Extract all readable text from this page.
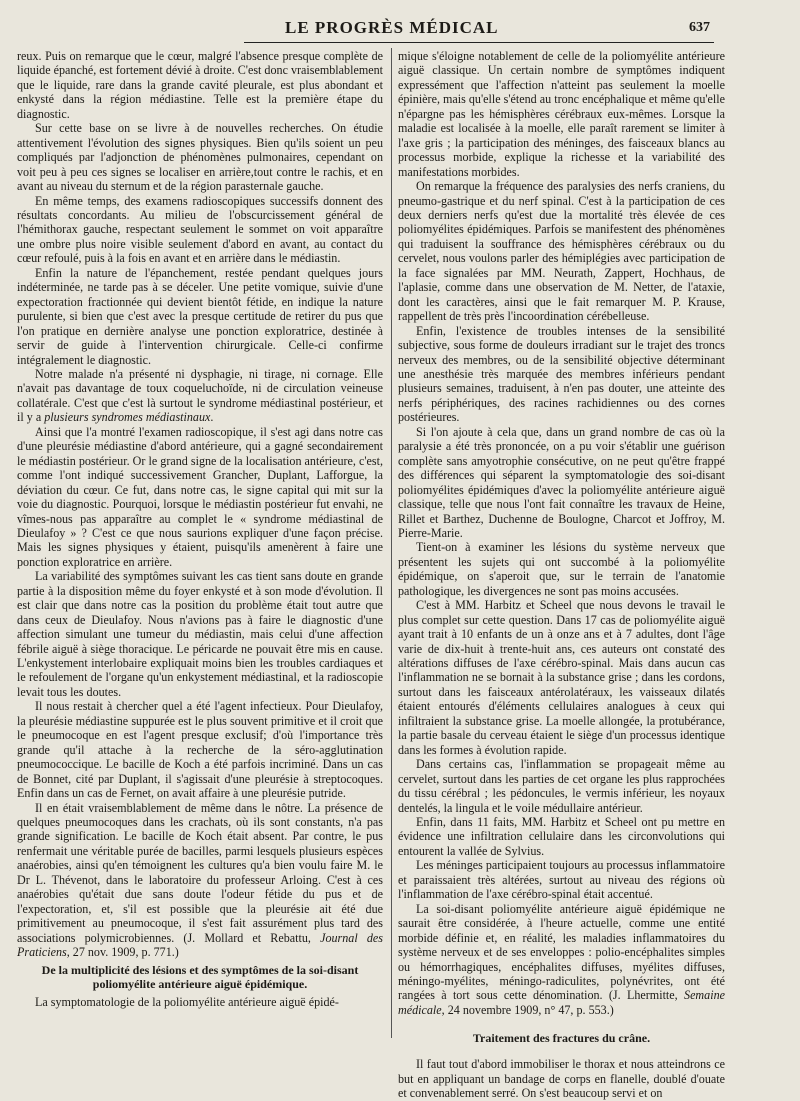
LE PROGRÈS MÉDICAL	637

reux. Puis on remarque que le cœur, malgré l'absence presque complète de liquide épanché, est fortement dévié à droite. C'est donc vraisemblablement que le liquide, rare dans la grande cavité pleurale, est plus abondant et enkysté dans la région médiastine. Telle est la première étape du diagnostic.

Sur cette base on se livre à de nouvelles recherches. On étudie attentivement l'évolution des signes physiques. Bien qu'ils soient un peu compliqués par l'adjonction de phénomènes pulmonaires, cependant on voit peu à peu ces signes se localiser en arrière,tout contre le rachis, et en avant au niveau du sternum et de la région parasternale gauche.

En même temps, des examens radioscopiques successifs donnent des résultats concordants. Au milieu de l'obscurcissement général de l'hémithorax gauche, respectant seulement le sommet on voit apparaître une ombre plus noire visible seulement d'abord en avant, au contact du cœur refoulé, puis à la fois en avant et en arrière dans le médiastin.

Enfin la nature de l'épanchement, restée pendant quelques jours indéterminée, ne tarde pas à se déceler. Une petite vomique, suivie d'une expectoration fractionnée qui devient bientôt fétide, en indique la nature purulente, si bien que c'est avec la presque certitude de retirer du pus que l'on pratique en dernière analyse une ponction exploratrice, destinée à servir de guide à l'intervention chirurgicale. Celle-ci confirme intégralement le diagnostic.

Notre malade n'a présenté ni dysphagie, ni tirage, ni cornage. Elle n'avait pas davantage de toux coqueluchoïde, ni de circulation veineuse collatérale. C'est que c'est là surtout le syndrome médiastinal postérieur, et il y a plusieurs syndromes médiastinaux.

Ainsi que l'a montré l'examen radioscopique, il s'est agi dans notre cas d'une pleurésie médiastine d'abord antérieure, qui a gagné secondairement le médiastin postérieur. Or le grand signe de la localisation antérieure, c'est, comme l'ont indiqué successivement Grancher, Duplant, Lafforgue, la déviation du cœur. Ce fut, dans notre cas, le signe capital qui mit sur la voie du diagnostic. Pourquoi, lorsque le médiastin postérieur fut envahi, ne vîmes-nous pas apparaître au complet le « syndrome médiastinal de Dieulafoy » ? C'est ce que nous saurions expliquer d'une façon précise. Mais les signes physiques y étaient, puisqu'ils amenèrent à faire une ponction exploratrice en arrière.

La variabilité des symptômes suivant les cas tient sans doute en grande partie à la disposition même du foyer enkysté et à son mode d'évolution. Il est clair que dans notre cas la position du problème était tout autre que dans ceux de Dieulafoy. Nous n'avions pas à faire le diagnostic d'une affection simulant une tumeur du médiastin, mais celui d'une affection fébrile aiguë à siège thoracique. Le péricarde ne pouvait être mis en cause. L'enkystement interlobaire expliquait moins bien les troubles cardiaques et le refoulement de l'organe qu'un enkystement médiastinal, et la radioscopie levait tous les doutes.

Il nous restait à chercher quel a été l'agent infectieux. Pour Dieulafoy, la pleurésie médiastine suppurée est le plus souvent primitive et il croit que le pneumocoque en est l'agent presque exclusif; d'où l'importance très grande qu'il attache à la recherche de la séro-agglutination pneumococcique. Le bacille de Koch a été parfois incriminé. Dans un cas de Bonnet, cité par Duplant, il s'agissait d'une pleurésie à streptocoques. Enfin dans un cas de Fernet, on avait affaire à une pleurésie putride.

Il en était vraisemblablement de même dans le nôtre. La présence de quelques pneumocoques dans les crachats, où ils sont constants, n'a pas grande signification. Le bacille de Koch était absent. Par contre, le pus renfermait une véritable purée de bacilles, parmi lesquels plusieurs espèces anaérobies, ainsi qu'en témoignent les cultures qu'a bien voulu faire M. le Dr L. Thévenot, dans le laboratoire du professeur Arloing. C'est à ces anaérobies qu'était due sans doute l'odeur fétide du pus et de l'expectoration, et, s'il est possible que la pleurésie ait été due primitivement au pneumocoque, il s'est fait assurément plus tard des associations polymicrobiennes. (J. Mollard et Rebattu, Journal des Praticiens, 27 nov. 1909, p. 771.)

De la multiplicité des lésions et des symptômes de la soi-disant poliomyélite antérieure aiguë épidémique.

La symptomatologie de la poliomyélite antérieure aiguë épidé-

mique s'éloigne notablement de celle de la poliomyélite antérieure aiguë classique. Un certain nombre de symptômes indiquent expressément que l'affection n'atteint pas seulement la moelle épinière, mais qu'elle s'étend au tronc encéphalique et même qu'elle n'épargne pas les hémisphères cérébraux eux-mêmes. Lorsque la maladie est localisée à la moelle, elle paraît rarement se limiter à l'axe gris ; la participation des méninges, des faisceaux blancs au processus morbide, explique la richesse et la variabilité des manifestations morbides.

On remarque la fréquence des paralysies des nerfs craniens, du pneumo-gastrique et du nerf spinal. C'est à la participation de ces deux derniers nerfs qu'est due la mortalité très élevée de ces poliomyélites épidémiques. Parfois se manifestent des phénomènes qui traduisent la souffrance des hémisphères cérébraux ou du cervelet, nous voulons parler des hémiplégies avec participation de la face signalées par MM. Neurath, Zappert, Hochhaus, de l'aplasie, comme dans une observation de M. Netter, de l'ataxie, dont les caractères, ainsi que le fait remarquer M. P. Krause, rappellent de très près l'incoordination cérébelleuse.

Enfin, l'existence de troubles intenses de la sensibilité subjective, sous forme de douleurs irradiant sur le trajet des troncs nerveux des membres, ou de la sensibilité objective déterminant une anesthésie très marquée des membres inférieurs pendant plusieurs semaines, traduisent, à n'en pas douter, une atteinte des nerfs périphériques, des racines rachidiennes ou des cornes postérieures.

Si l'on ajoute à cela que, dans un grand nombre de cas où la paralysie a été très prononcée, on a pu voir s'établir une guérison complète sans amyotrophie consécutive, on ne peut qu'être frappé des différences qui séparent la symptomatologie des soi-disant poliomyélites épidémiques d'avec la poliomyélite antérieure aiguë classique, telle que nous l'ont fait connaître les travaux de Heine, Rillet et Barthez, Duchenne de Boulogne, Charcot et Joffroy, M. Pierre-Marie.

Tient-on à examiner les lésions du système nerveux que présentent les sujets qui ont succombé à la poliomyélite épidémique, on s'aperoit que, sur le terrain de l'anatomie pathologique, les divergences ne sont pas moins accusées.

C'est à MM. Harbitz et Scheel que nous devons le travail le plus complet sur cette question. Dans 17 cas de poliomyélite aiguë ayant trait à 10 enfants de un à onze ans et à 7 adultes, dont l'âge varie de dix-huit à trente-huit ans, ces auteurs ont constaté des altérations diffuses de l'axe cérébro-spinal. Mais dans aucun cas l'inflammation ne se bornait à la substance grise ; dans les cordons, surtout dans les faisceaux antérolatéraux, les vaisseaux dilatés étaient entourés d'éléments cellulaires analogues à ceux qui infiltraient la substance grise. La moelle allongée, la protubérance, la partie basale du cerveau étaient le siège d'un processus identique dans les formes à évolution rapide.

Dans certains cas, l'inflammation se propageait même au cervelet, surtout dans les parties de cet organe les plus rapprochées du tissu cérébral ; les pédoncules, le vermis inférieur, les noyaux dentelés, la lingula et le voile médullaire antérieur.

Enfin, dans 11 faits, MM. Harbitz et Scheel ont pu mettre en évidence une infiltration cellulaire dans les circonvolutions qui entourent la vallée de Sylvius.

Les méninges participaient toujours au processus inflammatoire et paraissaient très altérées, surtout au niveau des régions où l'inflammation de l'axe cérébro-spinal était accentué.

La soi-disant poliomyélite antérieure aiguë épidémique ne saurait être considérée, à l'heure actuelle, comme une entité morbide définie et, en réalité, les maladies inflammatoires du système nerveux et de ses enveloppes : polio-encéphalites simples ou hémorrhagiques, encéphalites diffuses, myélites diffuses, méningo-myélites, méningo-radiculites, polynévrites, ont été rangées à tort sous cette dénomination. (J. Lhermitte, Semaine médicale, 24 novembre 1909, n° 47, p. 553.)

Traitement des fractures du crâne.

Il faut tout d'abord immobiliser le thorax et nous atteindrons ce but en appliquant un bandage de corps en flanelle, doublé d'ouate et convenablement serré. On s'est beaucoup servi et on
